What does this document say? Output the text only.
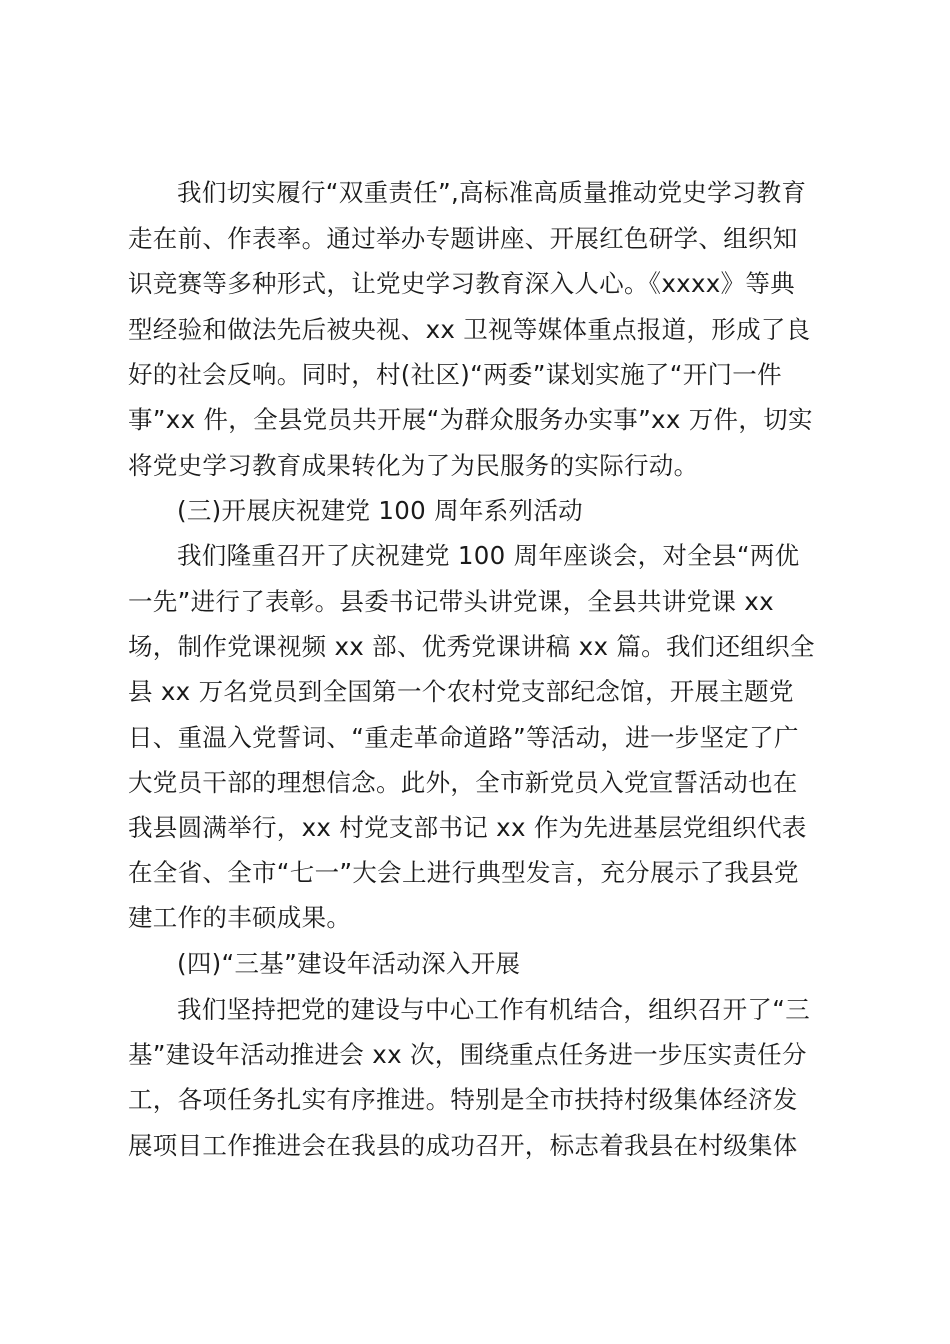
我们切实履行“双重责任”,高标准高质量推动党史学习教育
走在前、作表率。通过举办专题讲座、开展红色研学、组织知
识竞赛等多种形式，让党史学习教育深入人心。《xxxx》等典
型经验和做法先后被央视、xx 卫视等媒体重点报道，形成了良
好的社会反响。同时，村(社区)“两委”谋划实施了“开门一件
事”xx 件，全县党员共开展“为群众服务办实事”xx 万件，切实
将党史学习教育成果转化为了为民服务的实际行动。
(三)开展庆祝建党 100 周年系列活动
我们隆重召开了庆祝建党 100 周年座谈会，对全县“两优
一先”进行了表彰。县委书记带头讲党课，全县共讲党课 xx
场，制作党课视频 xx 部、优秀党课讲稿 xx 篇。我们还组织全
县 xx 万名党员到全国第一个农村党支部纪念馆，开展主题党
日、重温入党誓词、“重走革命道路”等活动，进一步坚定了广
大党员干部的理想信念。此外，全市新党员入党宣誓活动也在
我县圆满举行，xx 村党支部书记 xx 作为先进基层党组织代表
在全省、全市“七一”大会上进行典型发言，充分展示了我县党
建工作的丰硕成果。
(四)“三基”建设年活动深入开展
我们坚持把党的建设与中心工作有机结合，组织召开了“三
基”建设年活动推进会 xx 次，围绕重点任务进一步压实责任分
工，各项任务扎实有序推进。特别是全市扶持村级集体经济发
展项目工作推进会在我县的成功召开，标志着我县在村级集体
